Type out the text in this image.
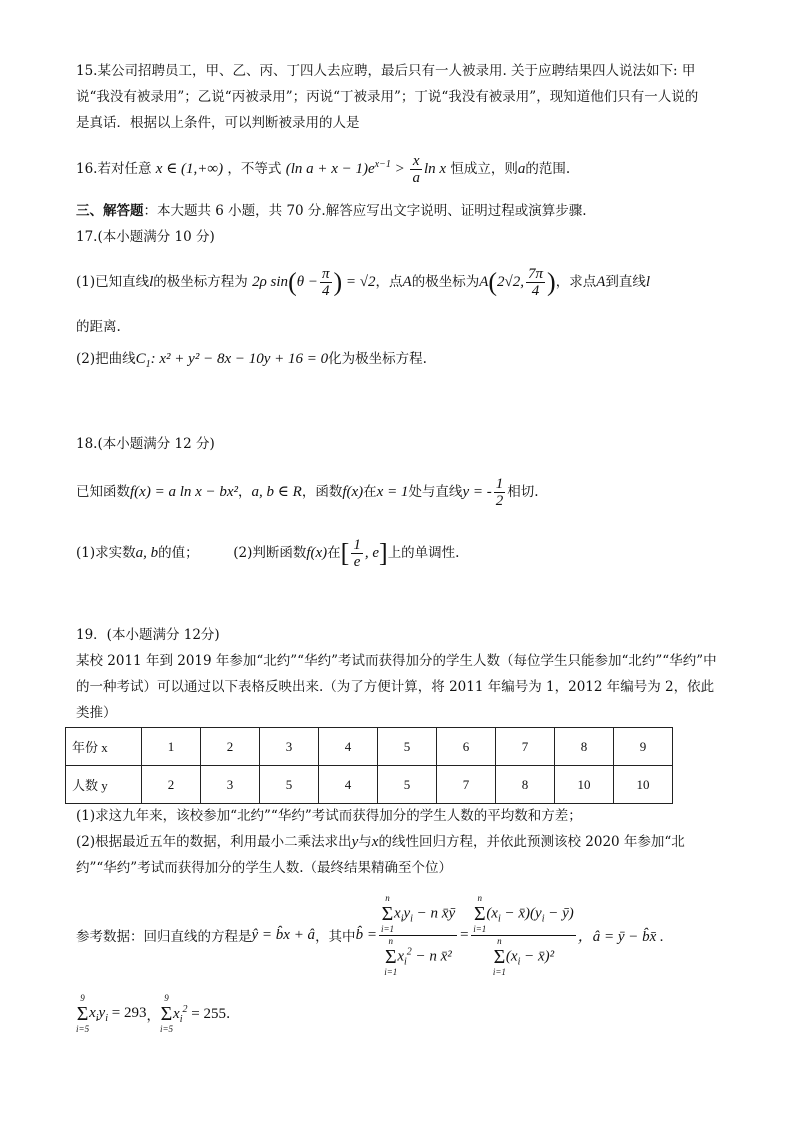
15.某公司招聘员工，甲、乙、丙、丁四人去应聘，最后只有一人被录用. 关于应聘结果四人说法如下: 甲
说“我没有被录用”；乙说“丙被录用”；丙说“丁被录用”；丁说“我没有被录用”，现知道他们只有一人说的
是真话．根据以上条件，可以判断被录用的人是
16.若对任意 x ∈ (1,+∞) ，不等式 (ln $a + x - 1)e^{x-1} > \frac{x}{a}$ ln x 恒成立，则a的范围.
三、解答题：本大题共 6 小题，共 70 分.解答应写出文字说明、证明过程或演算步骤.
17.(本小题满分 10 分)
(1)已知直线l的极坐标方程为 2ρ $\sin(\theta - \frac{\pi}{4}$ ) = √2，点A的极坐标为A(2√2, $\frac{7\pi}{4}$ )，求点A到直线l
的距离.
(2)把曲线$C_1$: x² + y² − 8x − 10y + 16 = 0化为极坐标方程.
18.(本小题满分 12 分)
已知函数f(x) = a ln x − bx²，a, b ∈ R，函数f(x)在x = 1处与直线y = - $\frac{1}{2}$ 相切.
(1)求实数a, b的值；	(2)判断函数f(x)在[ $\frac{1}{e}$ , e]上的单调性.
19．(本小题满分 12分)
某校 2011 年到 2019 年参加“北约”“华约”考试而获得加分的学生人数（每位学生只能参加“北约”“华约”中
的一种考试）可以通过以下表格反映出来.（为了方便计算，将 2011 年编号为 1，2012 年编号为 2，依此
类推）
年份 x	1	2	3	4	5	6	7	8	9
人数 y	2	3	5	4	5	7	8	10	10
(1)求这九年来，该校参加“北约”“华约”考试而获得加分的学生人数的平均数和方差；
(2)根据最近五年的数据，利用最小二乘法求出y与x的线性回归方程，并依此预测该校 2020 年参加“北
约”“华约”考试而获得加分的学生人数.（最终结果精确至个位）
参考数据：回归直线的方程是 ŷ = b̂x + â ，其中 b̂ = n
Σ
i=1
$x_iy_i - n$ x̄ȳ
n
Σ
i=1
$x_i^2 - n$ x̄² = n
Σ
i=1
($x_i$ − $x̄)(y_i$ − ȳ)
n
Σ
i=1
($x_i$ − x̄)² ，â = ȳ − b̂x̄ .
9
Σ
i=5
$x_iy_i = 293$ ，
9
Σ
i=5
$x_i^2 = 255$ .
